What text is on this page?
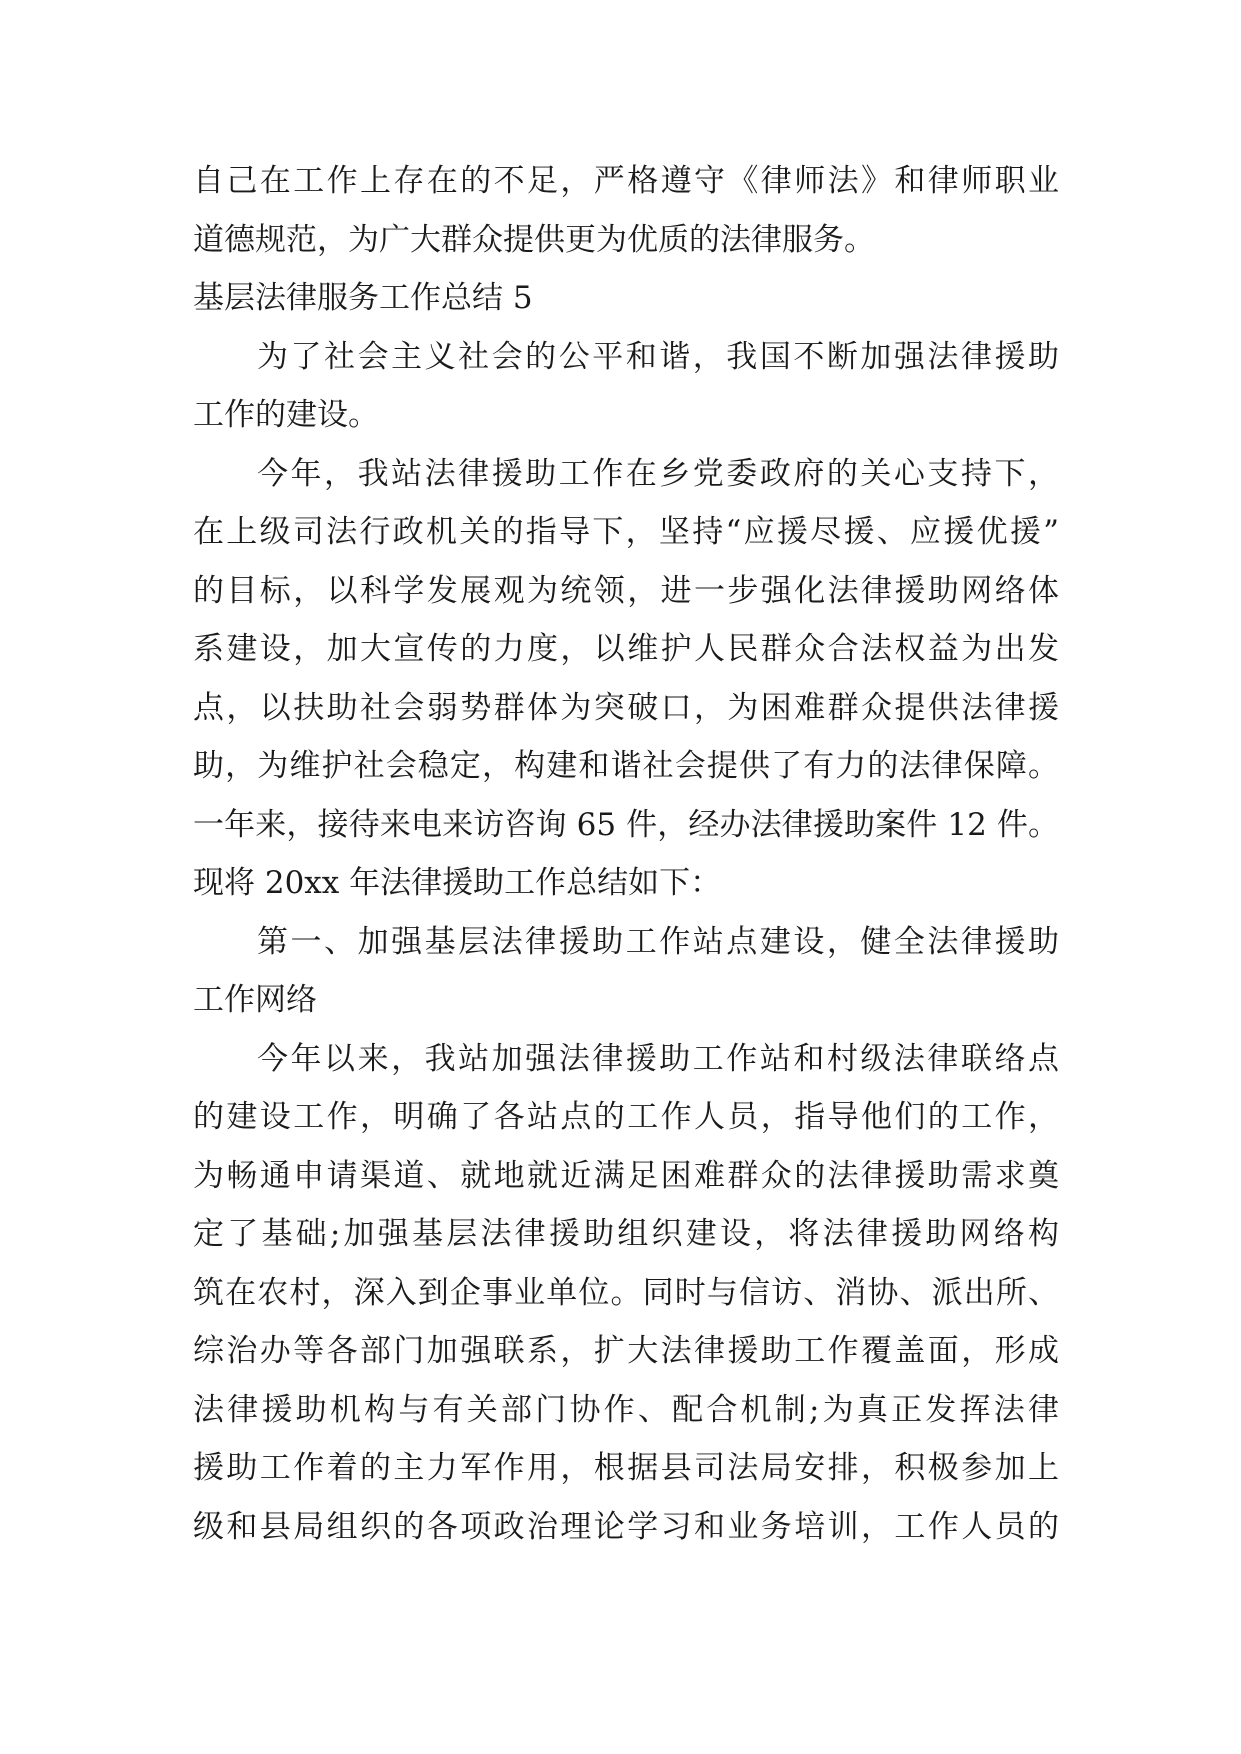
自己在工作上存在的不足，严格遵守《律师法》和律师职业
道德规范，为广大群众提供更为优质的法律服务。
基层法律服务工作总结 5
为了社会主义社会的公平和谐，我国不断加强法律援助
工作的建设。
今年，我站法律援助工作在乡党委政府的关心支持下，
在上级司法行政机关的指导下，坚持“应援尽援、应援优援”
的目标，以科学发展观为统领，进一步强化法律援助网络体
系建设，加大宣传的力度，以维护人民群众合法权益为出发
点，以扶助社会弱势群体为突破口，为困难群众提供法律援
助，为维护社会稳定，构建和谐社会提供了有力的法律保障。
一年来，接待来电来访咨询 65 件，经办法律援助案件 12 件。
现将 20xx 年法律援助工作总结如下：
第一、加强基层法律援助工作站点建设，健全法律援助
工作网络
今年以来，我站加强法律援助工作站和村级法律联络点
的建设工作，明确了各站点的工作人员，指导他们的工作，
为畅通申请渠道、就地就近满足困难群众的法律援助需求奠
定了基础;加强基层法律援助组织建设，将法律援助网络构
筑在农村，深入到企事业单位。同时与信访、消协、派出所、
综治办等各部门加强联系，扩大法律援助工作覆盖面，形成
法律援助机构与有关部门协作、配合机制;为真正发挥法律
援助工作着的主力军作用，根据县司法局安排，积极参加上
级和县局组织的各项政治理论学习和业务培训，工作人员的
